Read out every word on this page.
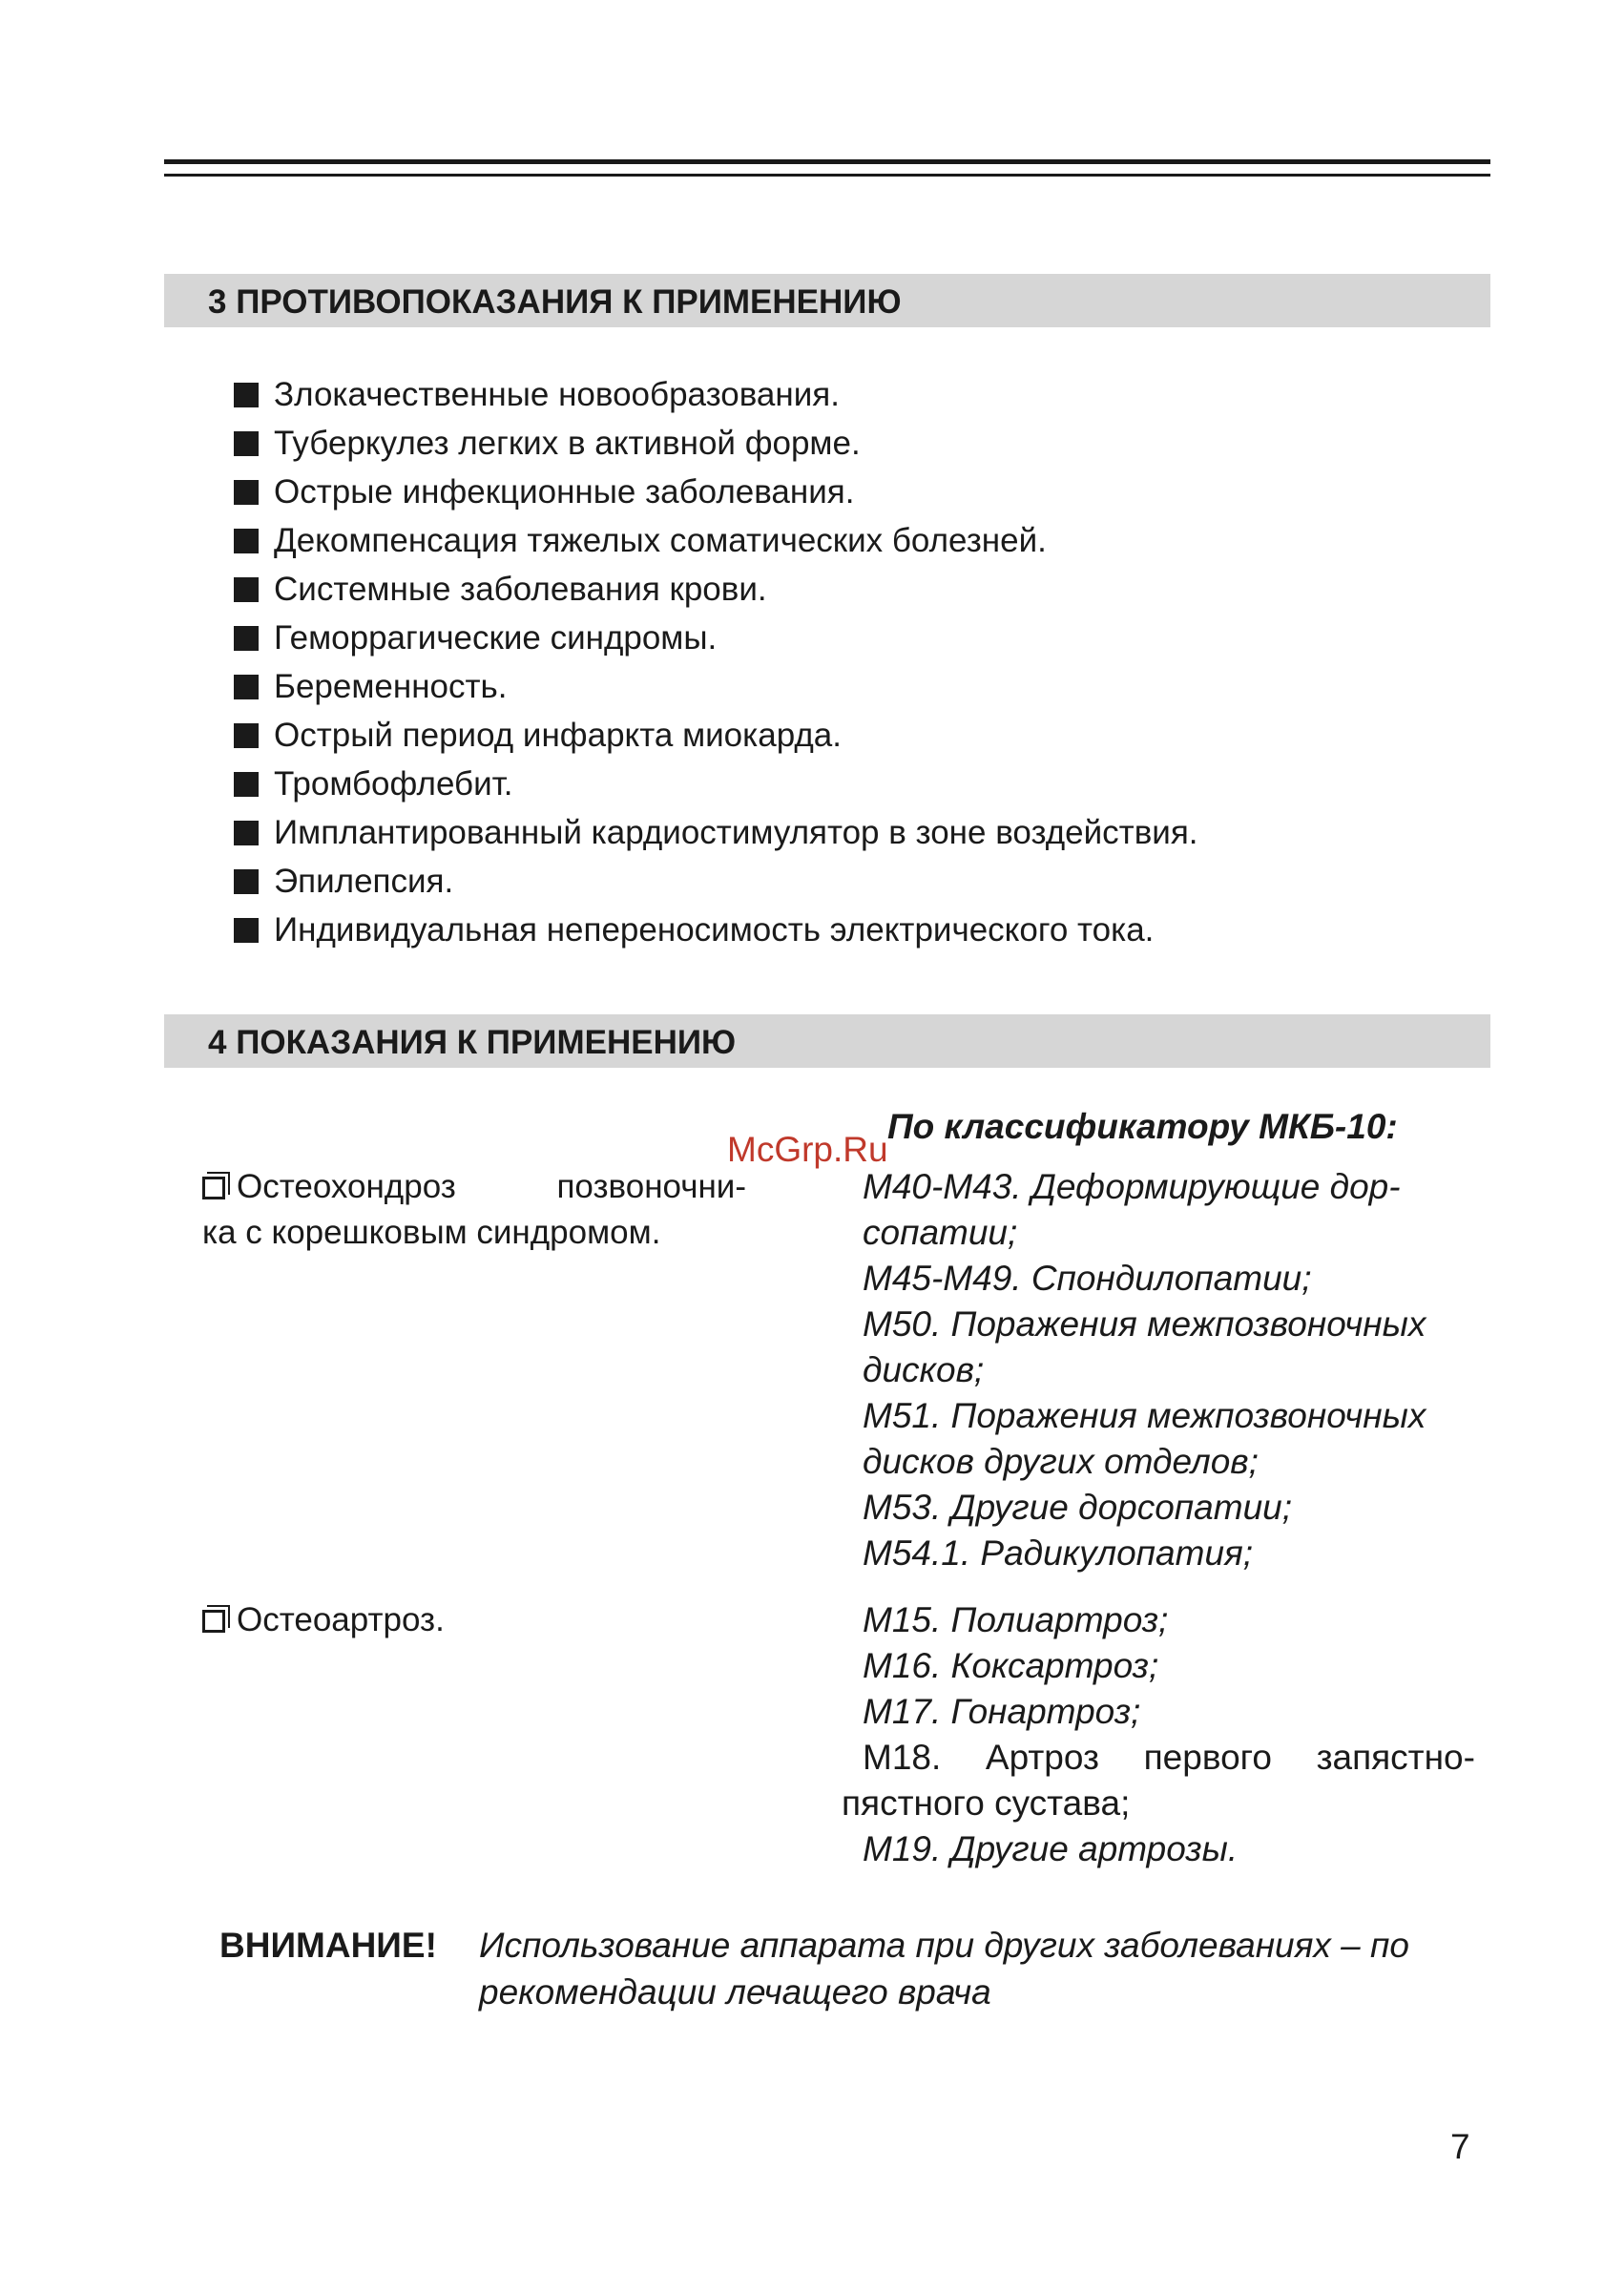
3 ПРОТИВОПОКАЗАНИЯ К ПРИМЕНЕНИЮ
Злокачественные новообразования.
Туберкулез легких в активной форме.
Острые инфекционные заболевания.
Декомпенсация тяжелых соматических болезней.
Системные заболевания крови.
Геморрагические синдромы.
Беременность.
Острый период инфаркта миокарда.
Тромбофлебит.
Имплантированный кардиостимулятор в зоне воздействия.
Эпилепсия.
Индивидуальная непереносимость электрического тока.
4 ПОКАЗАНИЯ К ПРИМЕНЕНИЮ
По классификатору МКБ-10:
McGrp.Ru
Остеохондроз	позвоночни-
ка с корешковым синдромом.
М40-М43. Деформирующие дор-
сопатии;
М45-М49. Спондилопатии;
М50. Поражения межпозвоночных
дисков;
М51. Поражения межпозвоночных
дисков других отделов;
М53. Другие дорсопатии;
М54.1. Радикулопатия;
Остеоартроз.	М15. Полиартроз;
М16. Коксартроз;
М17. Гонартроз;
М18. Артроз первого запястно-
пястного сустава;
М19. Другие артрозы.
ВНИМАНИЕ! Использование аппарата при других заболеваниях – по
рекомендации лечащего врача
7
